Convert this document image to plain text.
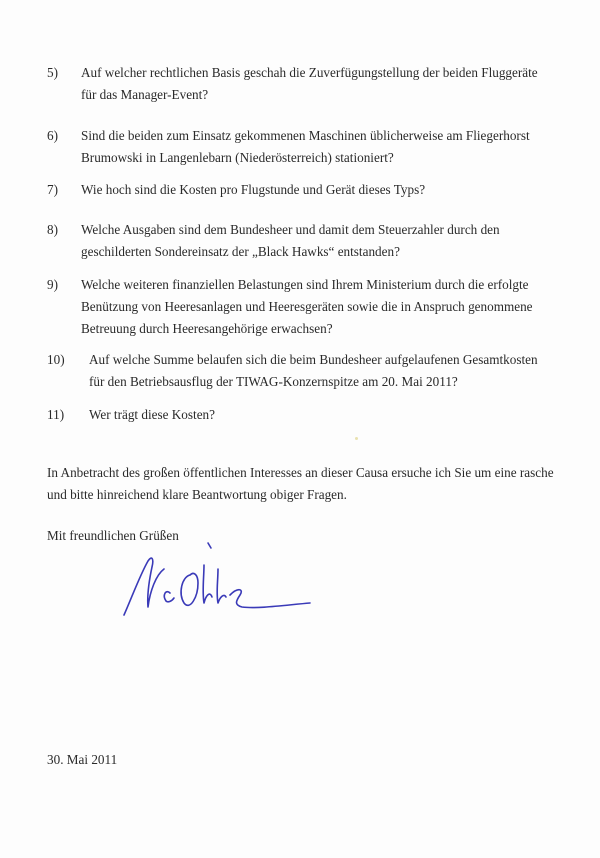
5)	Auf welcher rechtlichen Basis geschah die Zuverfügungstellung der beiden Fluggeräte für das Manager-Event?
6)	Sind die beiden zum Einsatz gekommenen Maschinen üblicherweise am Fliegerhorst Brumowski in Langenlebarn (Niederösterreich) stationiert?
7)	Wie hoch sind die Kosten pro Flugstunde und Gerät dieses Typs?
8)	Welche Ausgaben sind dem Bundesheer und damit dem Steuerzahler durch den geschilderten Sondereinsatz der „Black Hawks“ entstanden?
9)	Welche weiteren finanziellen Belastungen sind Ihrem Ministerium durch die erfolgte Benützung von Heeresanlagen und Heeresgeräten sowie die in Anspruch genommene Betreuung durch Heeresangehörige erwachsen?
10)	Auf welche Summe belaufen sich die beim Bundesheer aufgelaufenen Gesamtkosten für den Betriebsausflug der TIWAG-Konzernspitze am 20. Mai 2011?
11)	Wer trägt diese Kosten?
In Anbetracht des großen öffentlichen Interesses an dieser Causa ersuche ich Sie um eine rasche und bitte hinreichend klare Beantwortung obiger Fragen.
Mit freundlichen Grüßen
30. Mai 2011
